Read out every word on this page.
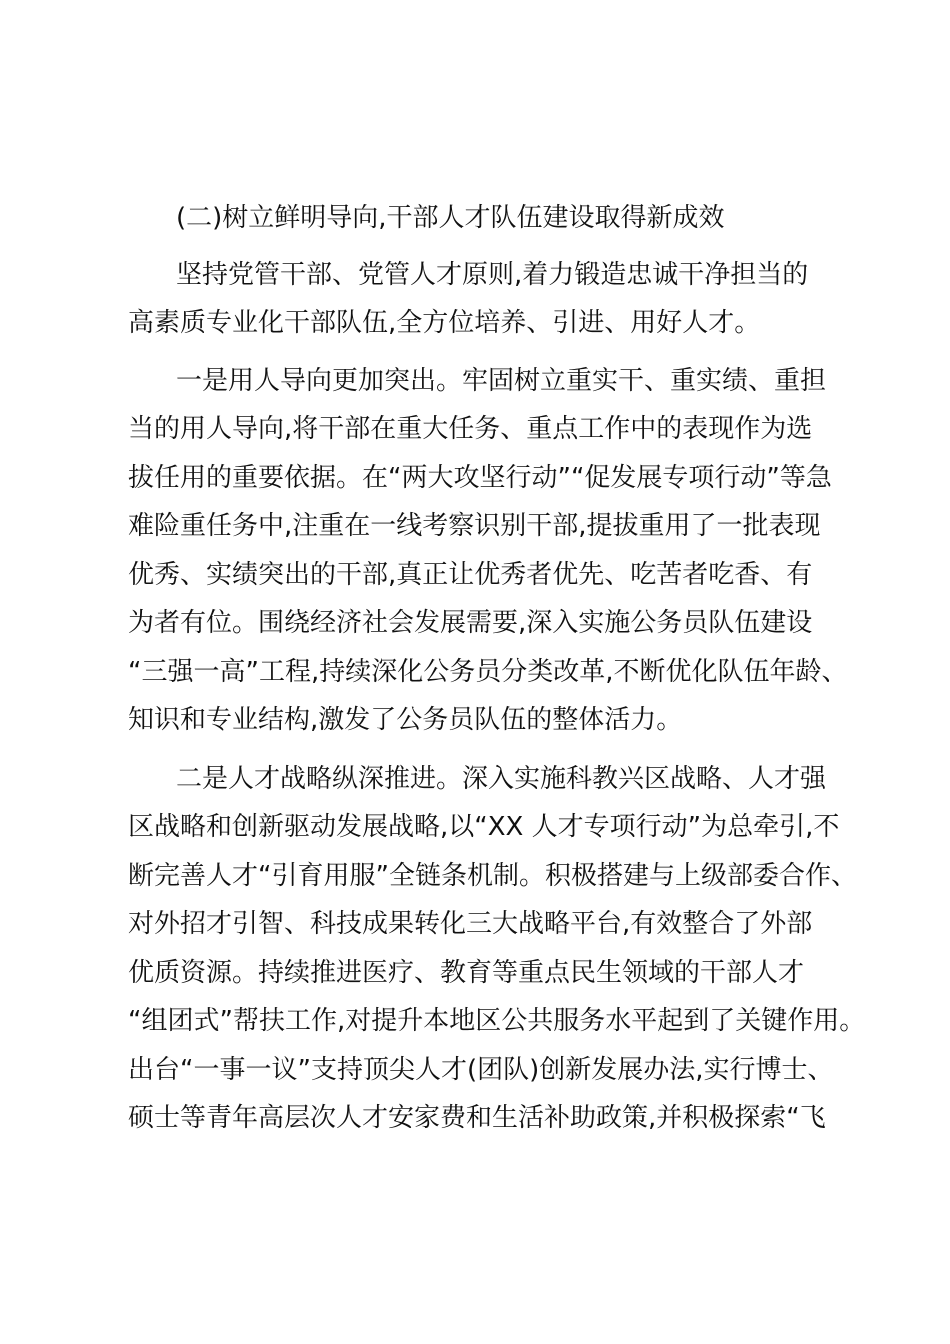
(二)树立鲜明导向,干部人才队伍建设取得新成效
坚持党管干部、党管人才原则,着力锻造忠诚干净担当的
高素质专业化干部队伍,全方位培养、引进、用好人才。
一是用人导向更加突出。牢固树立重实干、重实绩、重担
当的用人导向,将干部在重大任务、重点工作中的表现作为选
拔任用的重要依据。在“两大攻坚行动”“促发展专项行动”等急
难险重任务中,注重在一线考察识别干部,提拔重用了一批表现
优秀、实绩突出的干部,真正让优秀者优先、吃苦者吃香、有
为者有位。围绕经济社会发展需要,深入实施公务员队伍建设
“三强一高”工程,持续深化公务员分类改革,不断优化队伍年龄、
知识和专业结构,激发了公务员队伍的整体活力。
二是人才战略纵深推进。深入实施科教兴区战略、人才强
区战略和创新驱动发展战略,以“XX 人才专项行动”为总牵引,不
断完善人才“引育用服”全链条机制。积极搭建与上级部委合作、
对外招才引智、科技成果转化三大战略平台,有效整合了外部
优质资源。持续推进医疗、教育等重点民生领域的干部人才
“组团式”帮扶工作,对提升本地区公共服务水平起到了关键作用。
出台“一事一议”支持顶尖人才(团队)创新发展办法,实行博士、
硕士等青年高层次人才安家费和生活补助政策,并积极探索“飞
